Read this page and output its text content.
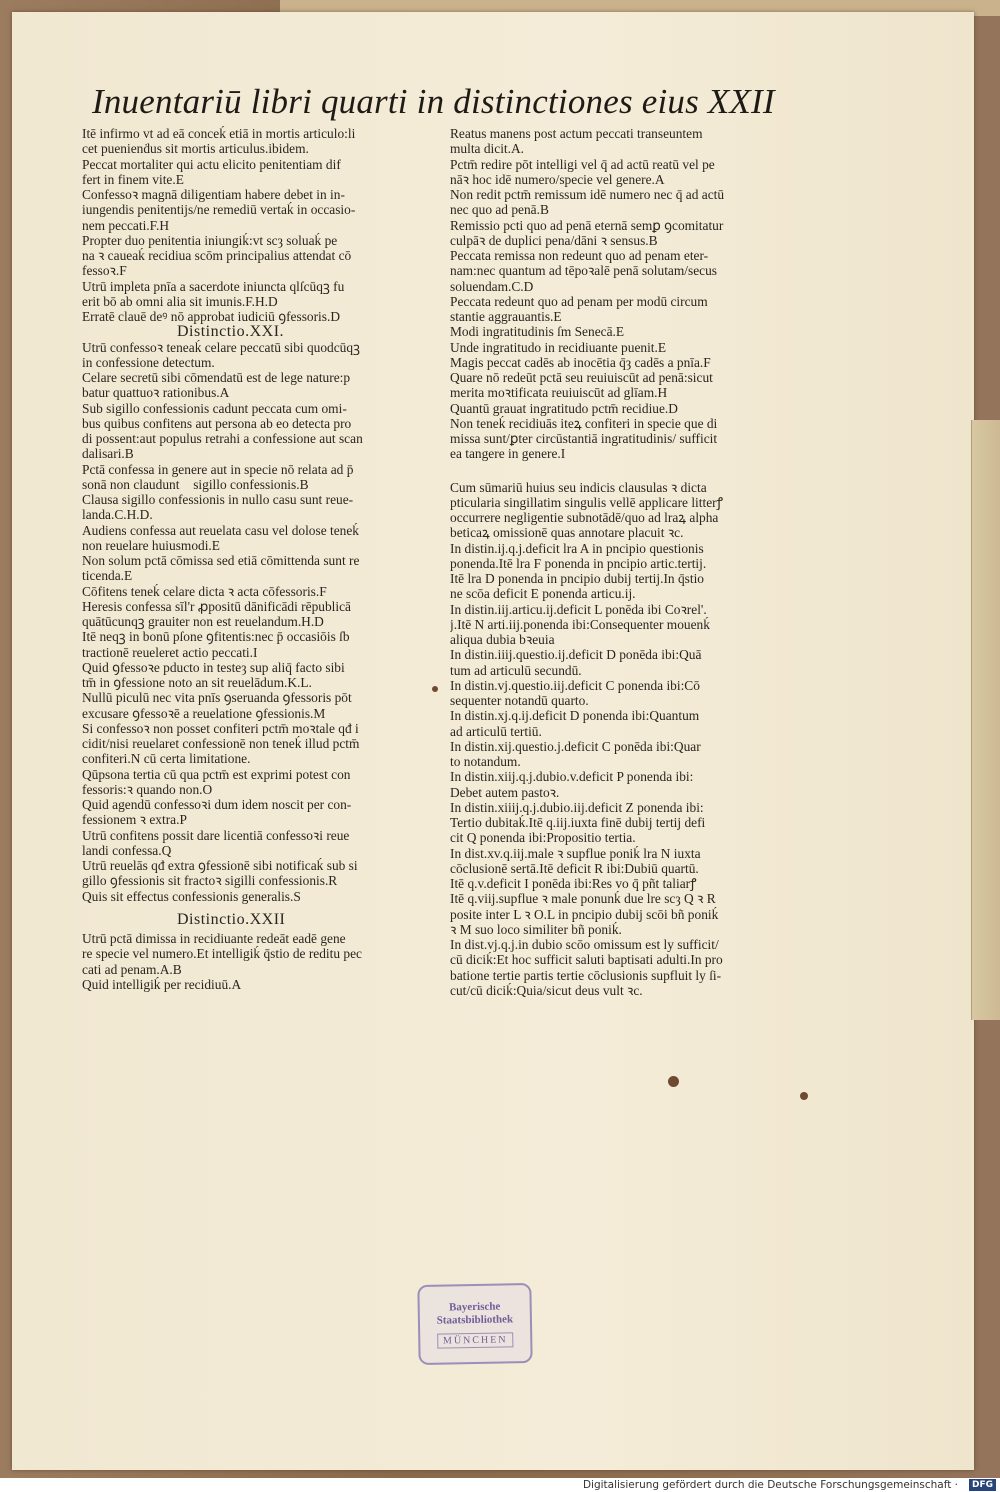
Inuentariū libri quarti in distinctiones eius XXII
Itē infirmo vt ad eā conceḱ etiā in mortis articulo:li
cet puenienḋus sit mortis articulus.ibidem.
Peccat mortaliter qui actu elicito penitentiam dif
fert in finem vite.E
Confessoꝛ magnā diligentiam habere debet in in-
iungendis penitentijs/ne remediū vertaḱ in occasio-
nem peccati.F.H
Propter duo penitentia iniungiḱ:vt scȝ soluaḱ pe
na ꝛ caueaḱ recidiua scōm principalius attendat cō
fessoꝛ.F
Utrū impleta pnīa a sacerdote iniuncta qlſcūqꝫ fu
erit bō ab omni alia sit imunis.F.H.D
Erratē clauē deꝰ nō approbat iudiciū ꝯfessoris.D
Distinctio.XXI.
Utrū confessoꝛ teneaḱ celare peccatū sibi quodcūqꝫ
in confessione detectum.
Celare secretū sibi cōmendatū est de lege nature:p
batur quattuoꝛ rationibus.A
Sub sigillo confessionis cadunt peccata cum omi-
bus quibus confitens aut persona ab eo detecta pro
di possent:aut populus retrahi a confessione aut scan
dalisari.B
Pctā confessa in genere aut in specie nō relata ad p̄
sonā non clauduntᷓ sigillo confessionis.B
Clausa sigillo confessionis in nullo casu sunt reue-
landa.C.H.D.
Audiens confessa aut reuelata casu vel dolose teneḱ
non reuelare huiusmodi.E
Non solum pctā cōmissa sed etiā cōmittenda sunt re
ticenda.E
Cōfitens teneḱ celare dicta ꝛ acta cōfessoris.F
Heresis confessa sīl'r ꝓpositū dānificādi rēpublicā
quātūcunqꝫ grauiter non est reuelandum.H.D
Itē neqꝫ in bonū pſone ꝯfitentis:nec p̄ occasiōis ſb
tractionē reueleret actio peccati.I
Quid ꝯfessoꝛe pducto in testeȝ sup aliq̄ facto sibi
tm̄ in ꝯfessione noto an sit reuelādum.K.L.
Nullū piculū nec vita pnīs ꝯseruanda ꝯfessoris pōt
excusare ꝯfessoꝛē a reuelatione ꝯfessionis.M
Si confessoꝛ non posset confiteri pctm̄ moꝛtale qđ i
cidit/nisi reuelaret confessionē non teneḱ illud pctm̄
confiteri.N cū certa limitatione.
Qūpsona tertia cū qua pctm̄ est exprimi potest con
fessoris:ꝛ quando non.O
Quid agendū confessoꝛi dum idem noscit per con-
fessionem ꝛ extra.P
Utrū confitens possit dare licentiā confessoꝛi reue
landi confessa.Q
Utrū reuelās qđ extra ꝯfessionē sibi notificaḱ sub si
gillo ꝯfessionis sit fractoꝛ sigilli confessionis.R
Quis sit effectus confessionis generalis.S
Distinctio.XXII
Utrū pctā dimissa in recidiuante redeāt eadē gene
re specie vel numero.Et intelligiḱ q̄stio de reditu pec
cati ad penam.A.B
Quid intelligiḱ per recidiuū.A
Reatus manens post actum peccati transeuntem
multa dicit.A.
Pctm̄ redire pōt intelligi vel q̄ ad actū reatū vel pe
nāꝛ hoc idē numero/specie vel genere.A
Non redit pctm̄ remissum idē numero nec q̄ ad actū
nec quo ad penā.B
Remissio pcti quo ad penā eternā semꝑ ꝯcomitatur
culpāꝛ de duplici pena/dāni ꝛ sensus.B
Peccata remissa non redeunt quo ad penam eter-
nam:nec quantum ad tēpoꝛalē penā solutam/secus
soluendam.C.D
Peccata redeunt quo ad penam per modū circum
stantie aggrauantis.E
Modi ingratitudinis ſm Senecā.E
Unde ingratitudo in recidiuante puenit.E
Magis peccat cadēs ab inocētia q̄ȝ cadēs a pnīa.F
Quare nō redeūt pctā seu reuiuiscūt ad penā:sicut
merita moꝛtificata reuiuiscūt ad glīam.H
Quantū grauat ingratitudo pctm̄ recidiue.D
Non teneḱ recidiuās iteꝝ confiteri in specie que di
missa sunt/ꝑter circūstantiā ingratitudinis/ sufficit
ea tangere in genere.I
Cum sūmariū huius seu indicis clausulas ꝛ dicta
pticularia singillatim singulis vellē applicare litterꝭ
occurrere negligentie subnotādē/quo ad lraꝝ alpha
beticaꝝ omissionē quas annotare placuit ꝛc.
In distin.ij.q.j.deficit lra A in pncipio questionis
ponenda.Itē lra F ponenda in pncipio artic.tertij.
Itē lra D ponenda in pncipio dubij tertij.In q̄stio
ne scōa deficit E ponenda articu.ij.
In distin.iij.articu.ij.deficit L ponēda ibi Coꝛrel'.
j.Itē N arti.iij.ponenda ibi:Consequenter mouenḱ
aliqua dubia bꝛeuia
In distin.iiij.questio.ij.deficit D ponēda ibi:Quā
tum ad articulū secundū.
In distin.vj.questio.iij.deficit C ponenda ibi:Cō
sequenter notandū quarto.
In distin.xj.q.ij.deficit D ponenda ibi:Quantum
ad articulū tertiū.
In distin.xij.questio.j.deficit C ponēda ibi:Quar
to notandum.
In distin.xiij.q.j.dubio.v.deficit P ponenda ibi:
Debet autem pastoꝛ.
In distin.xiiij.q.j.dubio.iij.deficit Z ponenda ibi:
Tertio dubitaḱ.Itē q.iij.iuxta finē dubij tertij defi
cit Q ponenda ibi:Propositio tertia.
In dist.xv.q.iij.male ꝛ supflue poniḱ lra N iuxta
cōclusionē sertā.Itē deficit R ibi:Dubiū quartū.
Itē q.v.deficit I ponēda ibi:Res vo q̄ pñt taliarꝭ
Itē q.viij.supflue ꝛ male ponunḱ due lre scȝ Q ꝛ R
posite inter L ꝛ O.L in pncipio dubij scōi bñ poniḱ
ꝛ M suo loco similiter bñ poniḱ.
In dist.vj.q.j.in dubio scōo omissum est ly sufficit/
cū diciḱ:Et hoc sufficit saluti baptisati adulti.In pro
batione tertie partis tertie cōclusionis supfluit ly ſi-
cut/cū diciḱ:Quia/sicut deus vult ꝛc.
Bayerische
Staatsbibliothek
MÜNCHEN
Digitalisierung gefördert durch die Deutsche Forschungsgemeinschaft ·	DFG
